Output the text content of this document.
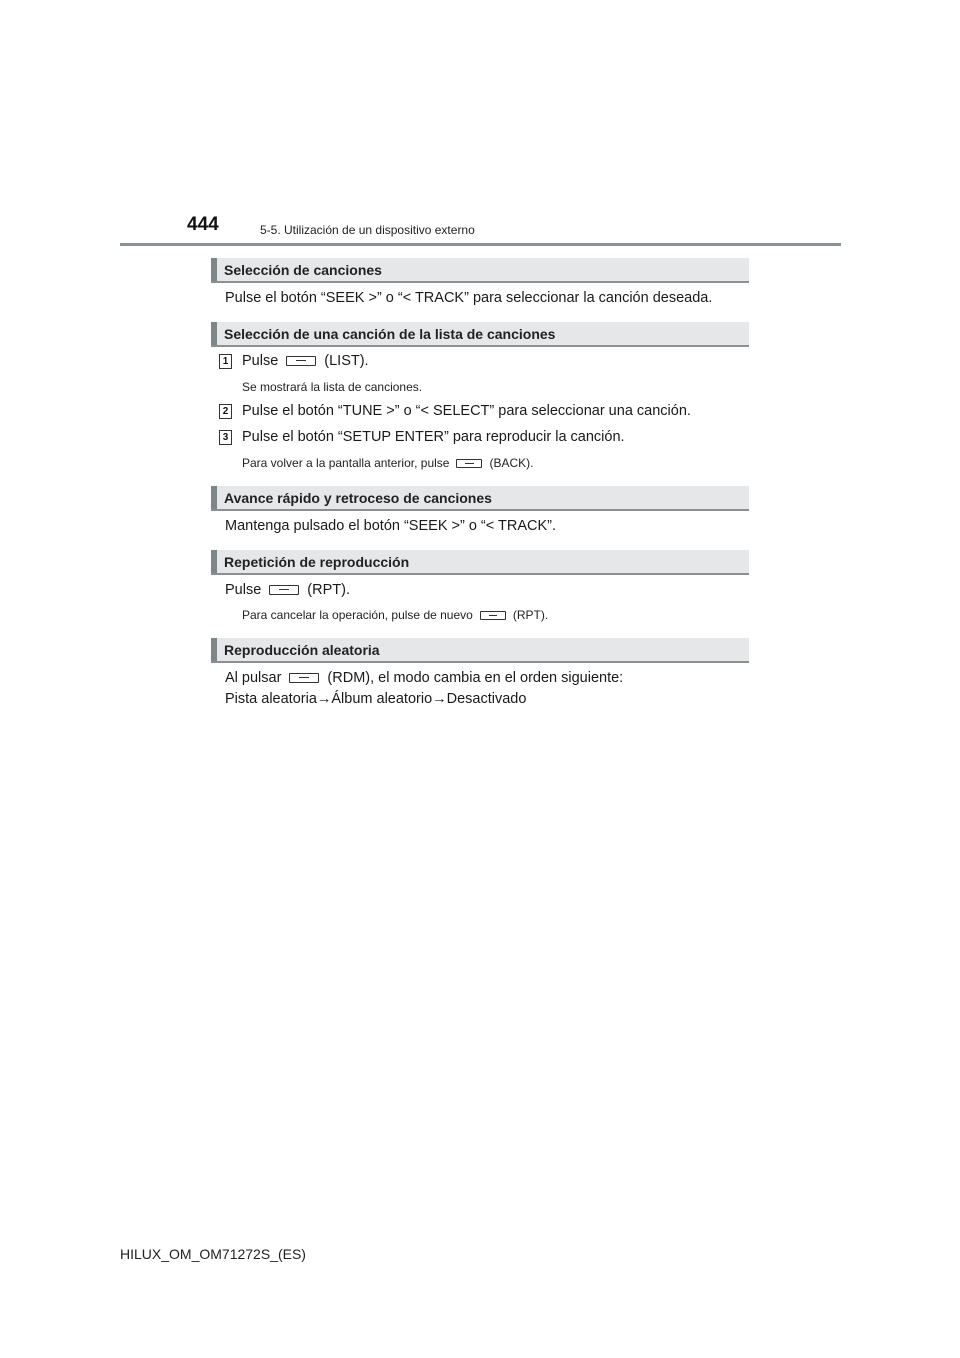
444	5-5. Utilización de un dispositivo externo
Selección de canciones
Pulse el botón “SEEK >” o “< TRACK” para seleccionar la canción deseada.
Selección de una canción de la lista de canciones
1 Pulse	(LIST).
Se mostrará la lista de canciones.
2 Pulse el botón “TUNE >” o “< SELECT” para seleccionar una canción.
3 Pulse el botón “SETUP ENTER” para reproducir la canción.
Para volver a la pantalla anterior, pulse	(BACK).
Avance rápido y retroceso de canciones
Mantenga pulsado el botón “SEEK >” o “< TRACK”.
Repetición de reproducción
Pulse	(RPT).
Para cancelar la operación, pulse de nuevo	(RPT).
Reproducción aleatoria
Al pulsar	(RDM), el modo cambia en el orden siguiente:
Pista aleatoria→Álbum aleatorio→Desactivado
HILUX_OM_OM71272S_(ES)
